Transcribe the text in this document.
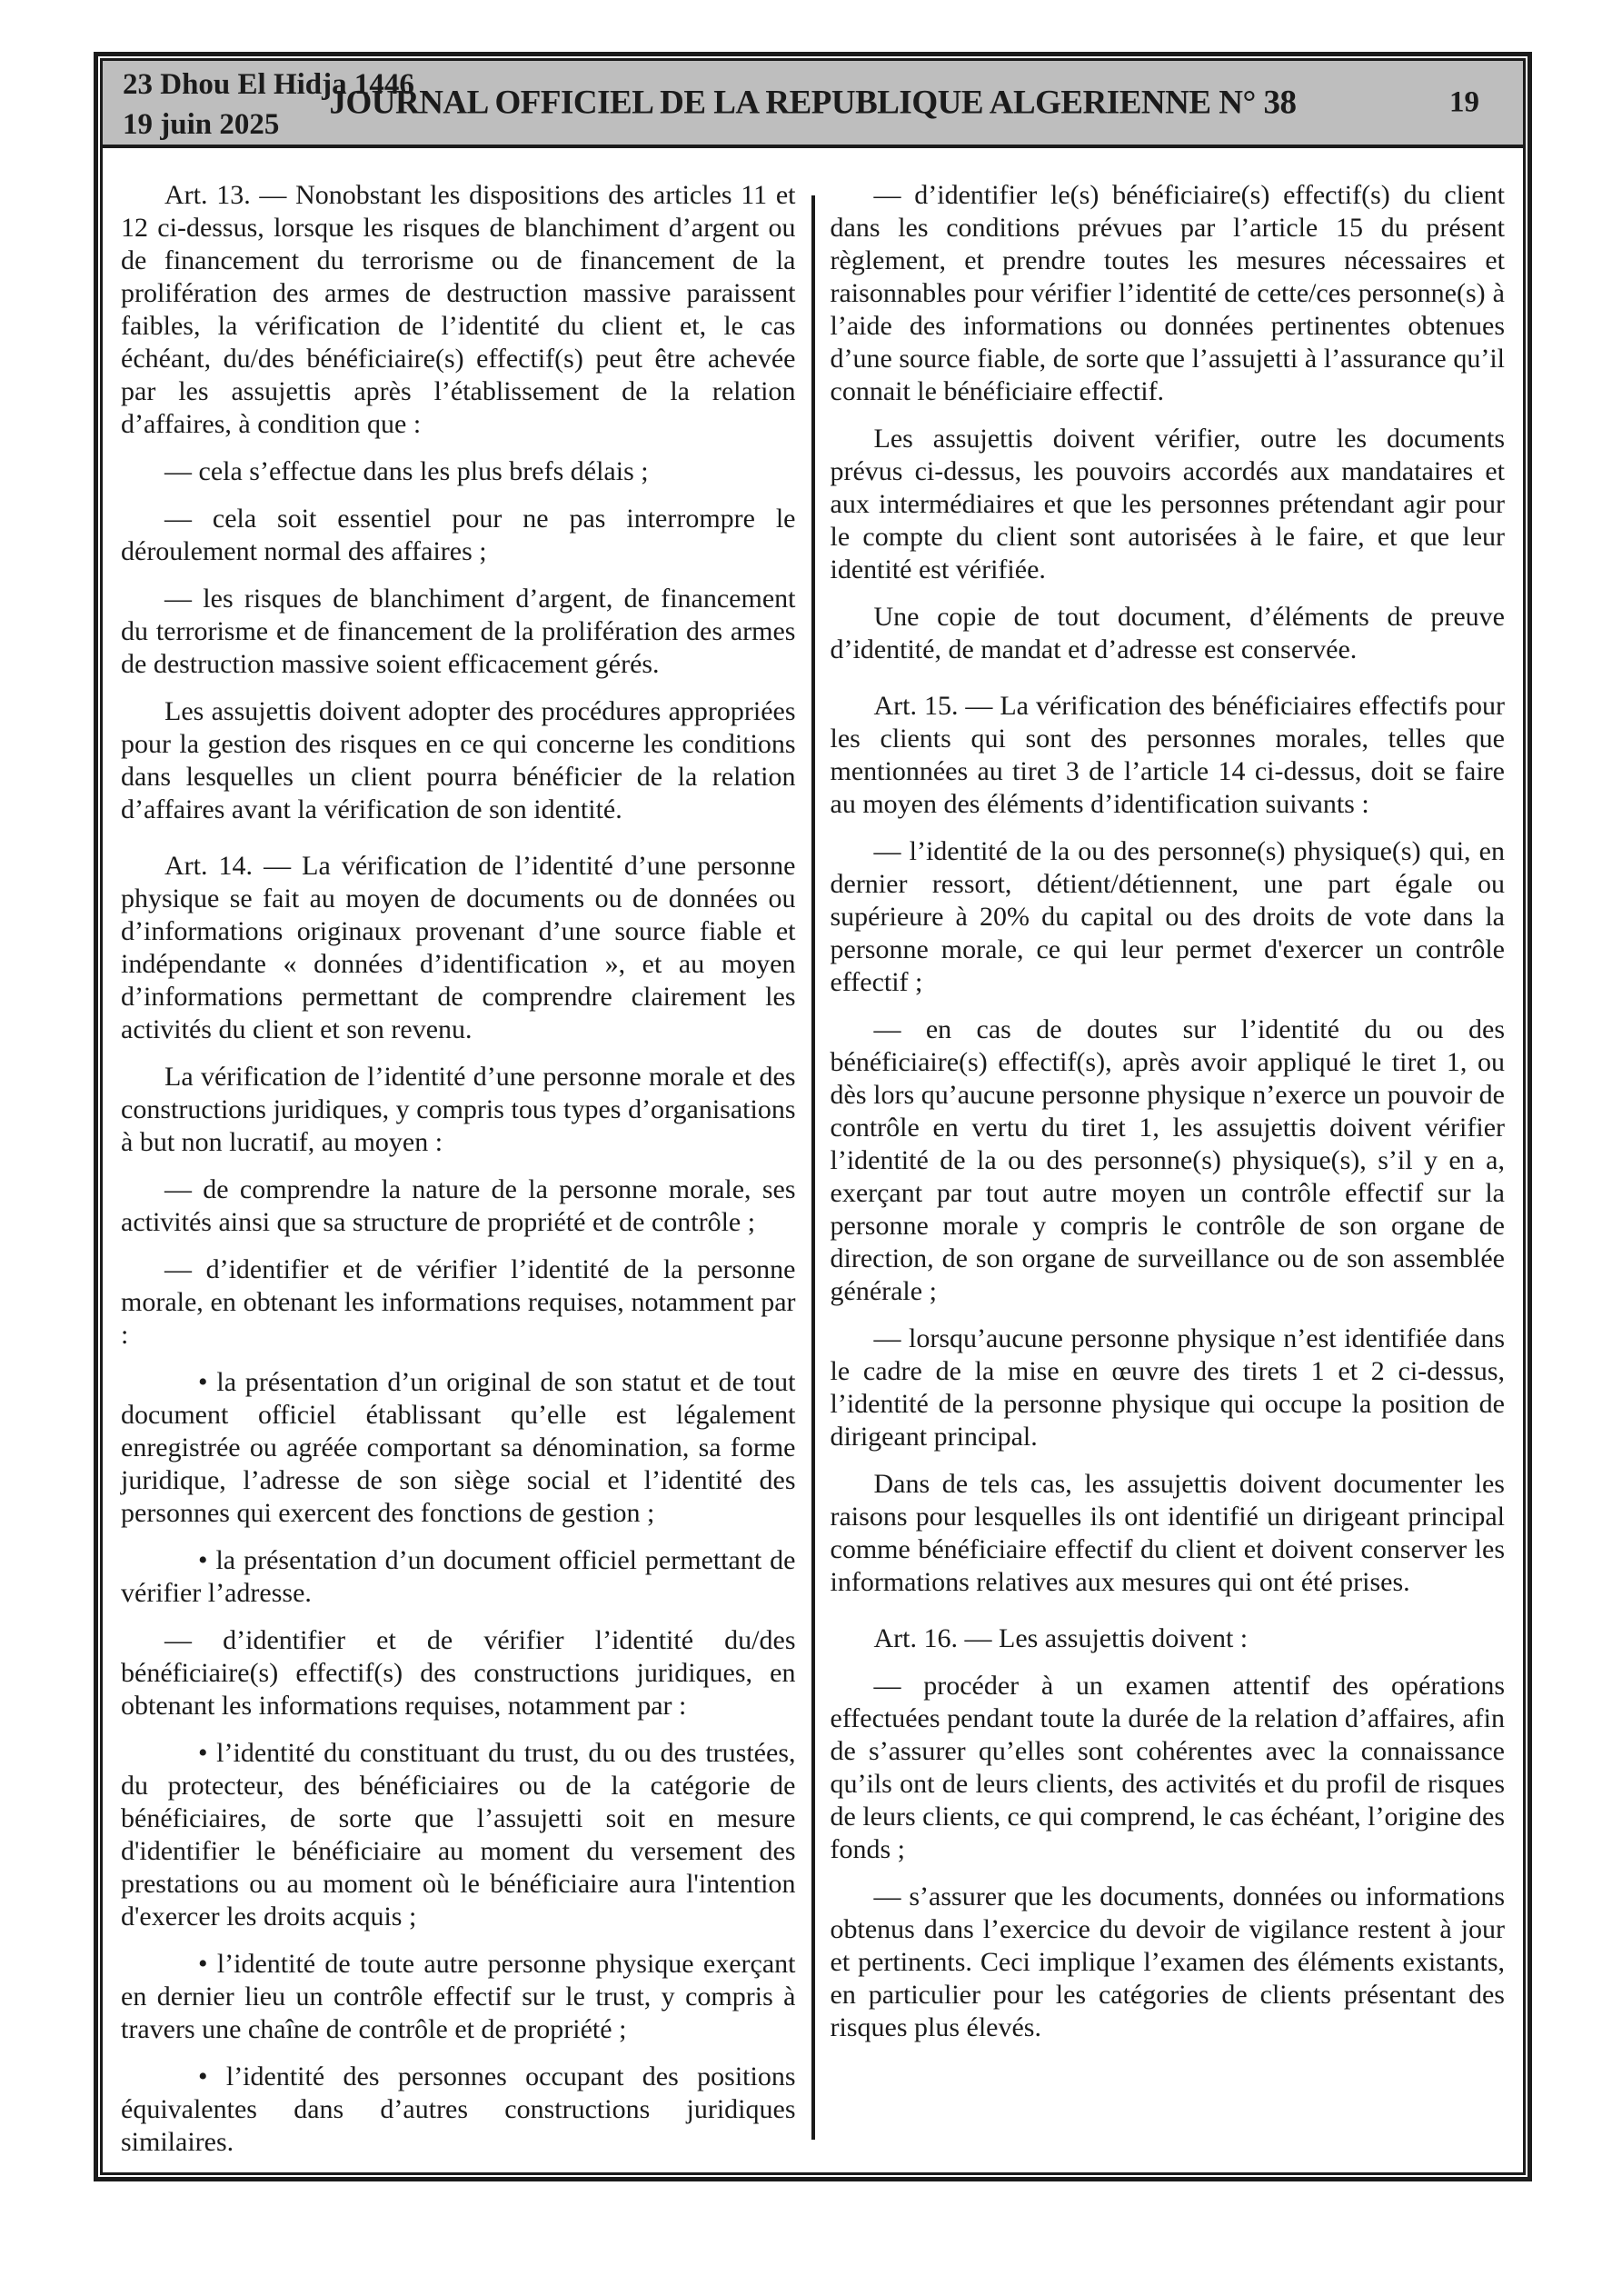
23 Dhou El Hidja 1446
19 juin 2025
JOURNAL OFFICIEL DE LA REPUBLIQUE ALGERIENNE N° 38	19

Art. 13. — Nonobstant les dispositions des articles 11 et 12 ci-dessus, lorsque les risques de blanchiment d’argent ou de financement du terrorisme ou de financement de la prolifération des armes de destruction massive paraissent faibles, la vérification de l’identité du client et, le cas échéant, du/des bénéficiaire(s) effectif(s) peut être achevée par les assujettis après l’établissement de la relation d’affaires, à condition que :

— cela s’effectue dans les plus brefs délais ;

— cela soit essentiel pour ne pas interrompre le déroulement normal des affaires ;

— les risques de blanchiment d’argent, de financement du terrorisme et de financement de la prolifération des armes de destruction massive soient efficacement gérés.

Les assujettis doivent adopter des procédures appropriées pour la gestion des risques en ce qui concerne les conditions dans lesquelles un client pourra bénéficier de la relation d’affaires avant la vérification de son identité.

Art. 14. — La vérification de l’identité d’une personne physique se fait au moyen de documents ou de données ou d’informations originaux provenant d’une source fiable et indépendante « données d’identification », et au moyen d’informations permettant de comprendre clairement les activités du client et son revenu.

La vérification de l’identité d’une personne morale et des constructions juridiques, y compris tous types d’organisations à but non lucratif, au moyen :

— de comprendre la nature de la personne morale, ses activités ainsi que sa structure de propriété et de contrôle ;

— d’identifier et de vérifier l’identité de la personne morale, en obtenant les informations requises, notamment par :

• la présentation d’un original de son statut et de tout document officiel établissant qu’elle est légalement enregistrée ou agréée comportant sa dénomination, sa forme juridique, l’adresse de son siège social et l’identité des personnes qui exercent des fonctions de gestion ;

• la présentation d’un document officiel permettant de vérifier l’adresse.

— d’identifier et de vérifier l’identité du/des bénéficiaire(s) effectif(s) des constructions juridiques, en obtenant les informations requises, notamment par :

• l’identité du constituant du trust, du ou des trustées, du protecteur, des bénéficiaires ou de la catégorie de bénéficiaires, de sorte que l’assujetti soit en mesure d'identifier le bénéficiaire au moment du versement des prestations ou au moment où le bénéficiaire aura l'intention d'exercer les droits acquis ;

• l’identité de toute autre personne physique exerçant en dernier lieu un contrôle effectif sur le trust, y compris à travers une chaîne de contrôle et de propriété ;

• l’identité des personnes occupant des positions équivalentes dans d’autres constructions juridiques similaires.

— d’identifier le(s) bénéficiaire(s) effectif(s) du client dans les conditions prévues par l’article 15 du présent règlement, et prendre toutes les mesures nécessaires et raisonnables pour vérifier l’identité de cette/ces personne(s) à l’aide des informations ou données pertinentes obtenues d’une source fiable, de sorte que l’assujetti à l’assurance qu’il connait le bénéficiaire effectif.

Les assujettis doivent vérifier, outre les documents prévus ci-dessus, les pouvoirs accordés aux mandataires et aux intermédiaires et que les personnes prétendant agir pour le compte du client sont autorisées à le faire, et que leur identité est vérifiée.

Une copie de tout document, d’éléments de preuve d’identité, de mandat et d’adresse est conservée.

Art. 15. — La vérification des bénéficiaires effectifs pour les clients qui sont des personnes morales, telles que mentionnées au tiret 3 de l’article 14 ci-dessus, doit se faire au moyen des éléments d’identification suivants :

— l’identité de la ou des personne(s) physique(s) qui, en dernier ressort, détient/détiennent, une part égale ou supérieure à 20% du capital ou des droits de vote dans la personne morale, ce qui leur permet d'exercer un contrôle effectif ;

— en cas de doutes sur l’identité du ou des bénéficiaire(s) effectif(s), après avoir appliqué le tiret 1, ou dès lors qu’aucune personne physique n’exerce un pouvoir de contrôle en vertu du tiret 1, les assujettis doivent vérifier l’identité de la ou des personne(s) physique(s), s’il y en a, exerçant par tout autre moyen un contrôle effectif sur la personne morale y compris le contrôle de son organe de direction, de son organe de surveillance ou de son assemblée générale ;

— lorsqu’aucune personne physique n’est identifiée dans le cadre de la mise en œuvre des tirets 1 et 2 ci-dessus, l’identité de la personne physique qui occupe la position de dirigeant principal.

Dans de tels cas, les assujettis doivent documenter les raisons pour lesquelles ils ont identifié un dirigeant principal comme bénéficiaire effectif du client et doivent conserver les informations relatives aux mesures qui ont été prises.

Art. 16. — Les assujettis doivent :

— procéder à un examen attentif des opérations effectuées pendant toute la durée de la relation d’affaires, afin de s’assurer qu’elles sont cohérentes avec la connaissance qu’ils ont de leurs clients, des activités et du profil de risques de leurs clients, ce qui comprend, le cas échéant, l’origine des fonds ;

— s’assurer que les documents, données ou informations obtenus dans l’exercice du devoir de vigilance restent à jour et pertinents. Ceci implique l’examen des éléments existants, en particulier pour les catégories de clients présentant des risques plus élevés.
